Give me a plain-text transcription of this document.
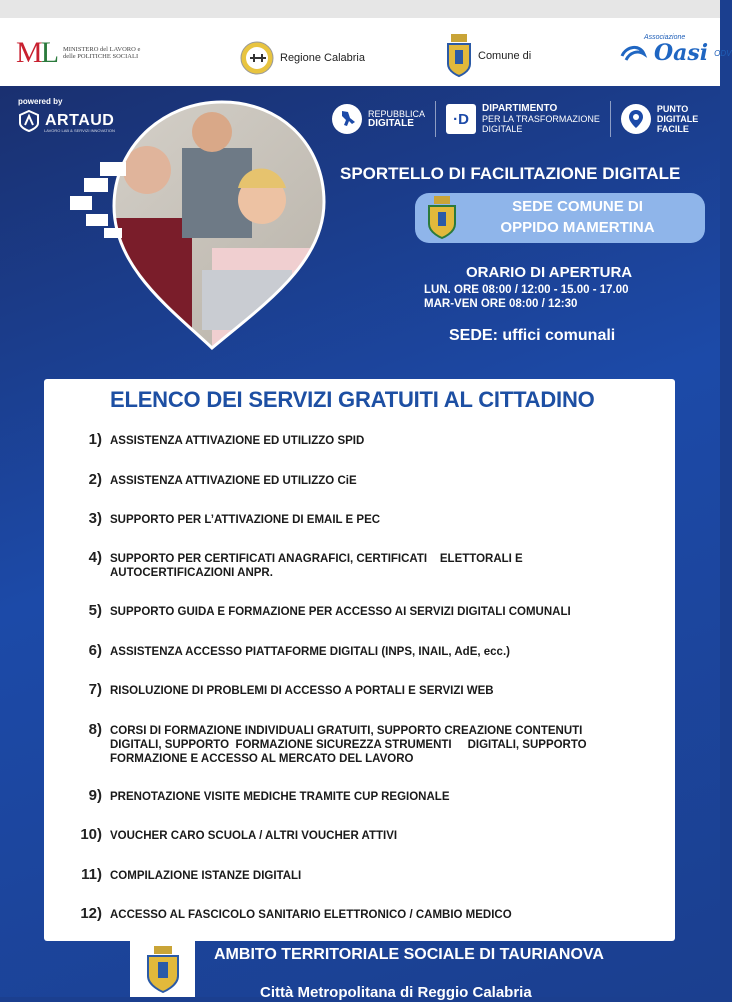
ML MINISTERO del LAVORO e delle POLITICHE SOCIALI	Regione Calabria	Comune di	Oasi ODV
Associazione
powered by
ARTAUD
LAVORO LAB & SERVIZI INNOVATION
REPUBBLICA
DIGITALE	·D
DIPARTIMENTO
PER LA TRASFORMAZIONE
DIGITALE
PUNTO
DIGITALE
FACILE
SPORTELLO DI FACILITAZIONE DIGITALE
SEDE COMUNE DI
OPPIDO MAMERTINA
ORARIO DI APERTURA
LUN. ORE 08:00 / 12:00 - 15.00 - 17.00
MAR-VEN ORE 08:00 / 12:30
SEDE: uffici comunali
ELENCO DEI SERVIZI GRATUITI AL CITTADINO
1) ASSISTENZA ATTIVAZIONE ED UTILIZZO SPID
2) ASSISTENZA ATTIVAZIONE ED UTILIZZO CiE
3) SUPPORTO PER L’ATTIVAZIONE DI EMAIL E PEC
4) SUPPORTO PER CERTIFICATI ANAGRAFICI, CERTIFICATI    ELETTORALI E
AUTOCERTIFICAZIONI ANPR.
5) SUPPORTO GUIDA E FORMAZIONE PER ACCESSO AI SERVIZI DIGITALI COMUNALI
6) ASSISTENZA ACCESSO PIATTAFORME DIGITALI (INPS, INAIL, AdE, ecc.)
7) RISOLUZIONE DI PROBLEMI DI ACCESSO A PORTALI E SERVIZI WEB
8) CORSI DI FORMAZIONE INDIVIDUALI GRATUITI, SUPPORTO CREAZIONE CONTENUTI
DIGITALI, SUPPORTO  FORMAZIONE SICUREZZA STRUMENTI     DIGITALI, SUPPORTO
FORMAZIONE E ACCESSO AL MERCATO DEL LAVORO
9) PRENOTAZIONE VISITE MEDICHE TRAMITE CUP REGIONALE
10) VOUCHER CARO SCUOLA / ALTRI VOUCHER ATTIVI
11) COMPILAZIONE ISTANZE DIGITALI
12) ACCESSO AL FASCICOLO SANITARIO ELETTRONICO / CAMBIO MEDICO
AMBITO TERRITORIALE SOCIALE DI TAURIANOVA
Città Metropolitana di Reggio Calabria
